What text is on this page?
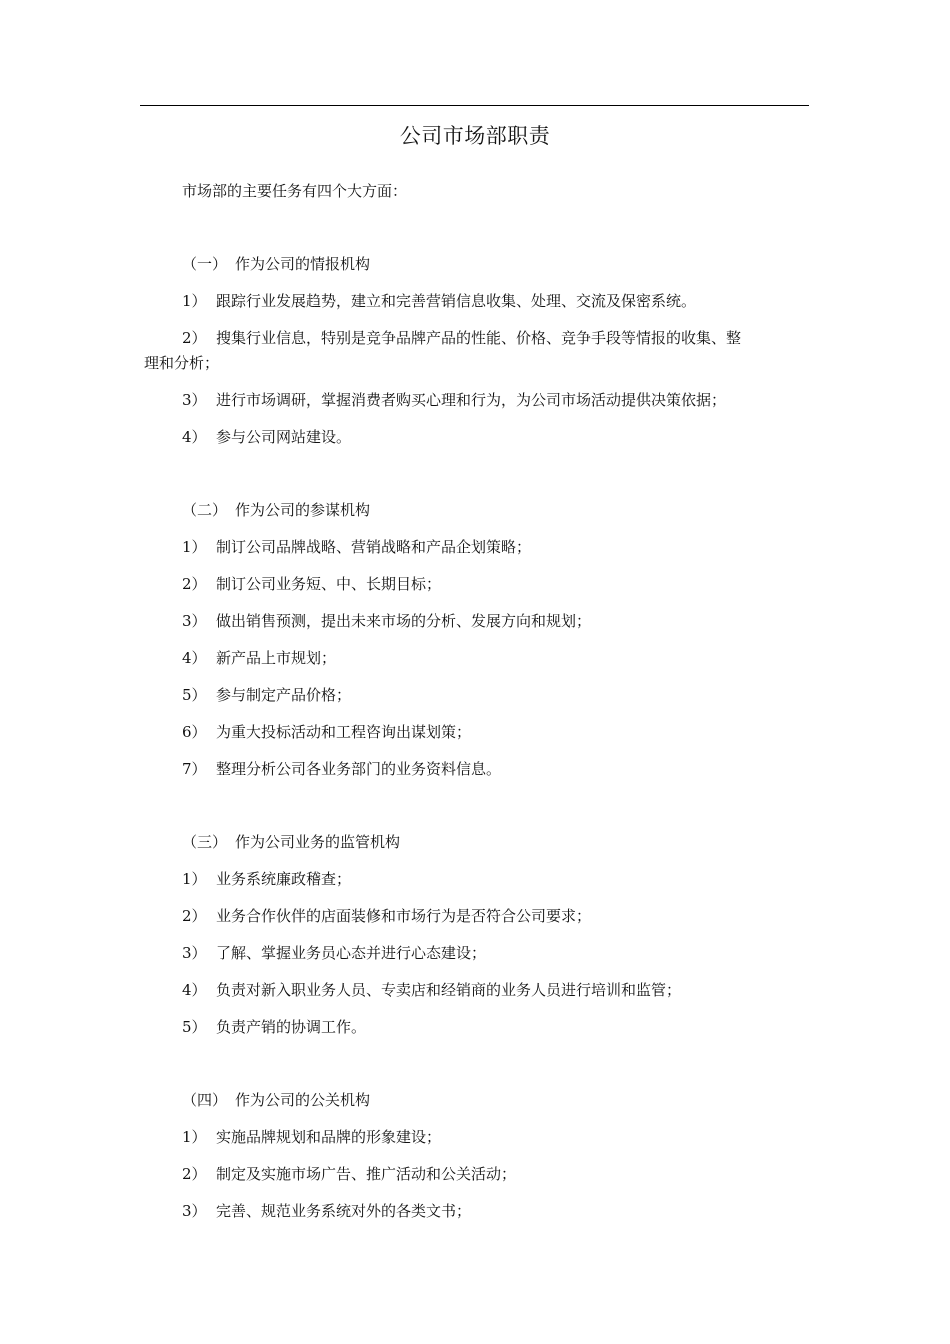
公司市场部职责
市场部的主要任务有四个大方面：
（一） 作为公司的情报机构
1） 跟踪行业发展趋势，建立和完善营销信息收集、处理、交流及保密系统。
2） 搜集行业信息，特别是竞争品牌产品的性能、价格、竞争手段等情报的收集、整
理和分析；
3） 进行市场调研，掌握消费者购买心理和行为，为公司市场活动提供决策依据；
4） 参与公司网站建设。
（二） 作为公司的参谋机构
1） 制订公司品牌战略、营销战略和产品企划策略；
2） 制订公司业务短、中、长期目标；
3） 做出销售预测，提出未来市场的分析、发展方向和规划；
4） 新产品上市规划；
5） 参与制定产品价格；
6） 为重大投标活动和工程咨询出谋划策；
7） 整理分析公司各业务部门的业务资料信息。
（三） 作为公司业务的监管机构
1） 业务系统廉政稽查；
2） 业务合作伙伴的店面装修和市场行为是否符合公司要求；
3） 了解、掌握业务员心态并进行心态建设；
4） 负责对新入职业务人员、专卖店和经销商的业务人员进行培训和监管；
5） 负责产销的协调工作。
（四） 作为公司的公关机构
1） 实施品牌规划和品牌的形象建设；
2） 制定及实施市场广告、推广活动和公关活动；
3） 完善、规范业务系统对外的各类文书；
